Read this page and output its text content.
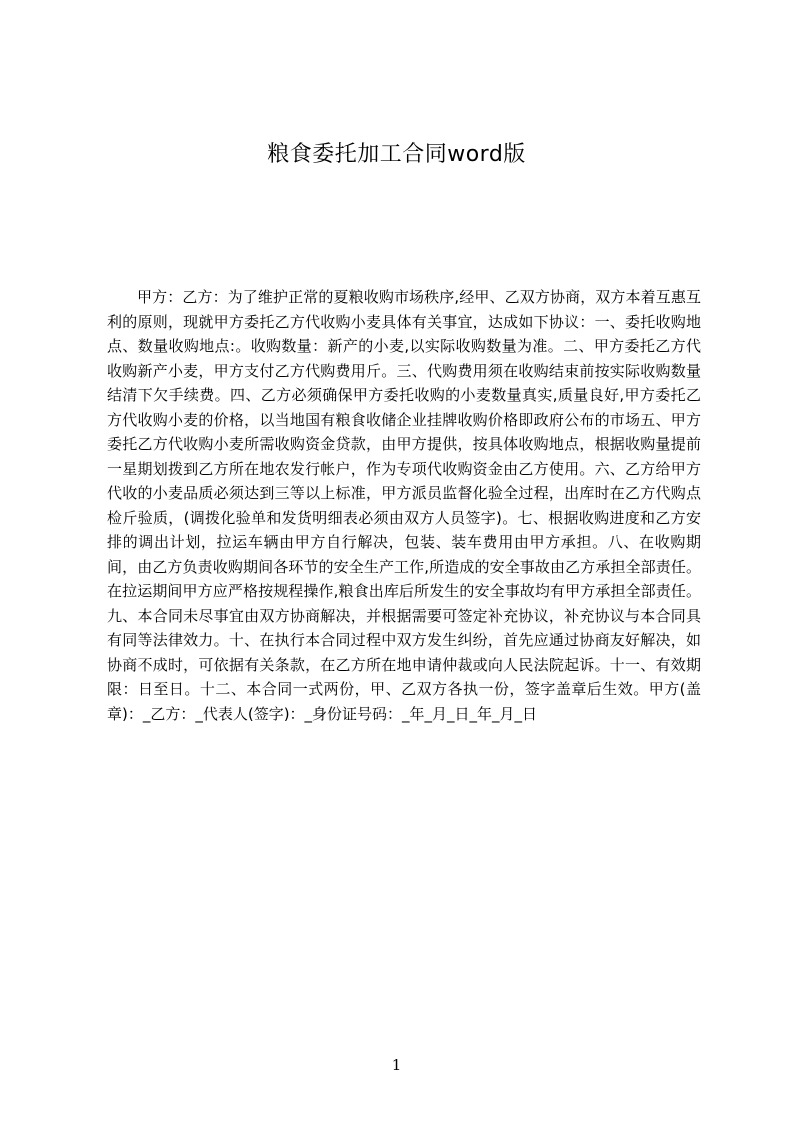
粮食委托加工合同word版

甲方：乙方：为了维护正常的夏粮收购市场秩序,经甲、乙双方协商，双方本着互惠互利的原则，现就甲方委托乙方代收购小麦具体有关事宜，达成如下协议：一、委托收购地点、数量收购地点:。收购数量：新产的小麦,以实际收购数量为准。二、甲方委托乙方代收购新产小麦，甲方支付乙方代购费用斤。三、代购费用须在收购结束前按实际收购数量结清下欠手续费。四、乙方必须确保甲方委托收购的小麦数量真实,质量良好,甲方委托乙方代收购小麦的价格，以当地国有粮食收储企业挂牌收购价格即政府公布的市场五、甲方委托乙方代收购小麦所需收购资金贷款，由甲方提供，按具体收购地点，根据收购量提前一星期划拨到乙方所在地农发行帐户，作为专项代收购资金由乙方使用。六、乙方给甲方代收的小麦品质必须达到三等以上标准，甲方派员监督化验全过程，出库时在乙方代购点检斤验质，(调拨化验单和发货明细表必须由双方人员签字)。七、根据收购进度和乙方安排的调出计划，拉运车辆由甲方自行解决，包装、装车费用由甲方承担。八、在收购期间，由乙方负责收购期间各环节的安全生产工作,所造成的安全事故由乙方承担全部责任。在拉运期间甲方应严格按规程操作,粮食出库后所发生的安全事故均有甲方承担全部责任。九、本合同未尽事宜由双方协商解决，并根据需要可签定补充协议，补充协议与本合同具有同等法律效力。十、在执行本合同过程中双方发生纠纷，首先应通过协商友好解决，如协商不成时，可依据有关条款，在乙方所在地申请仲裁或向人民法院起诉。十一、有效期限：日至日。十二、本合同一式两份，甲、乙双方各执一份，签字盖章后生效。甲方(盖章)：_乙方：_代表人(签字)：_身份证号码：_年_月_日_年_月_日

1
